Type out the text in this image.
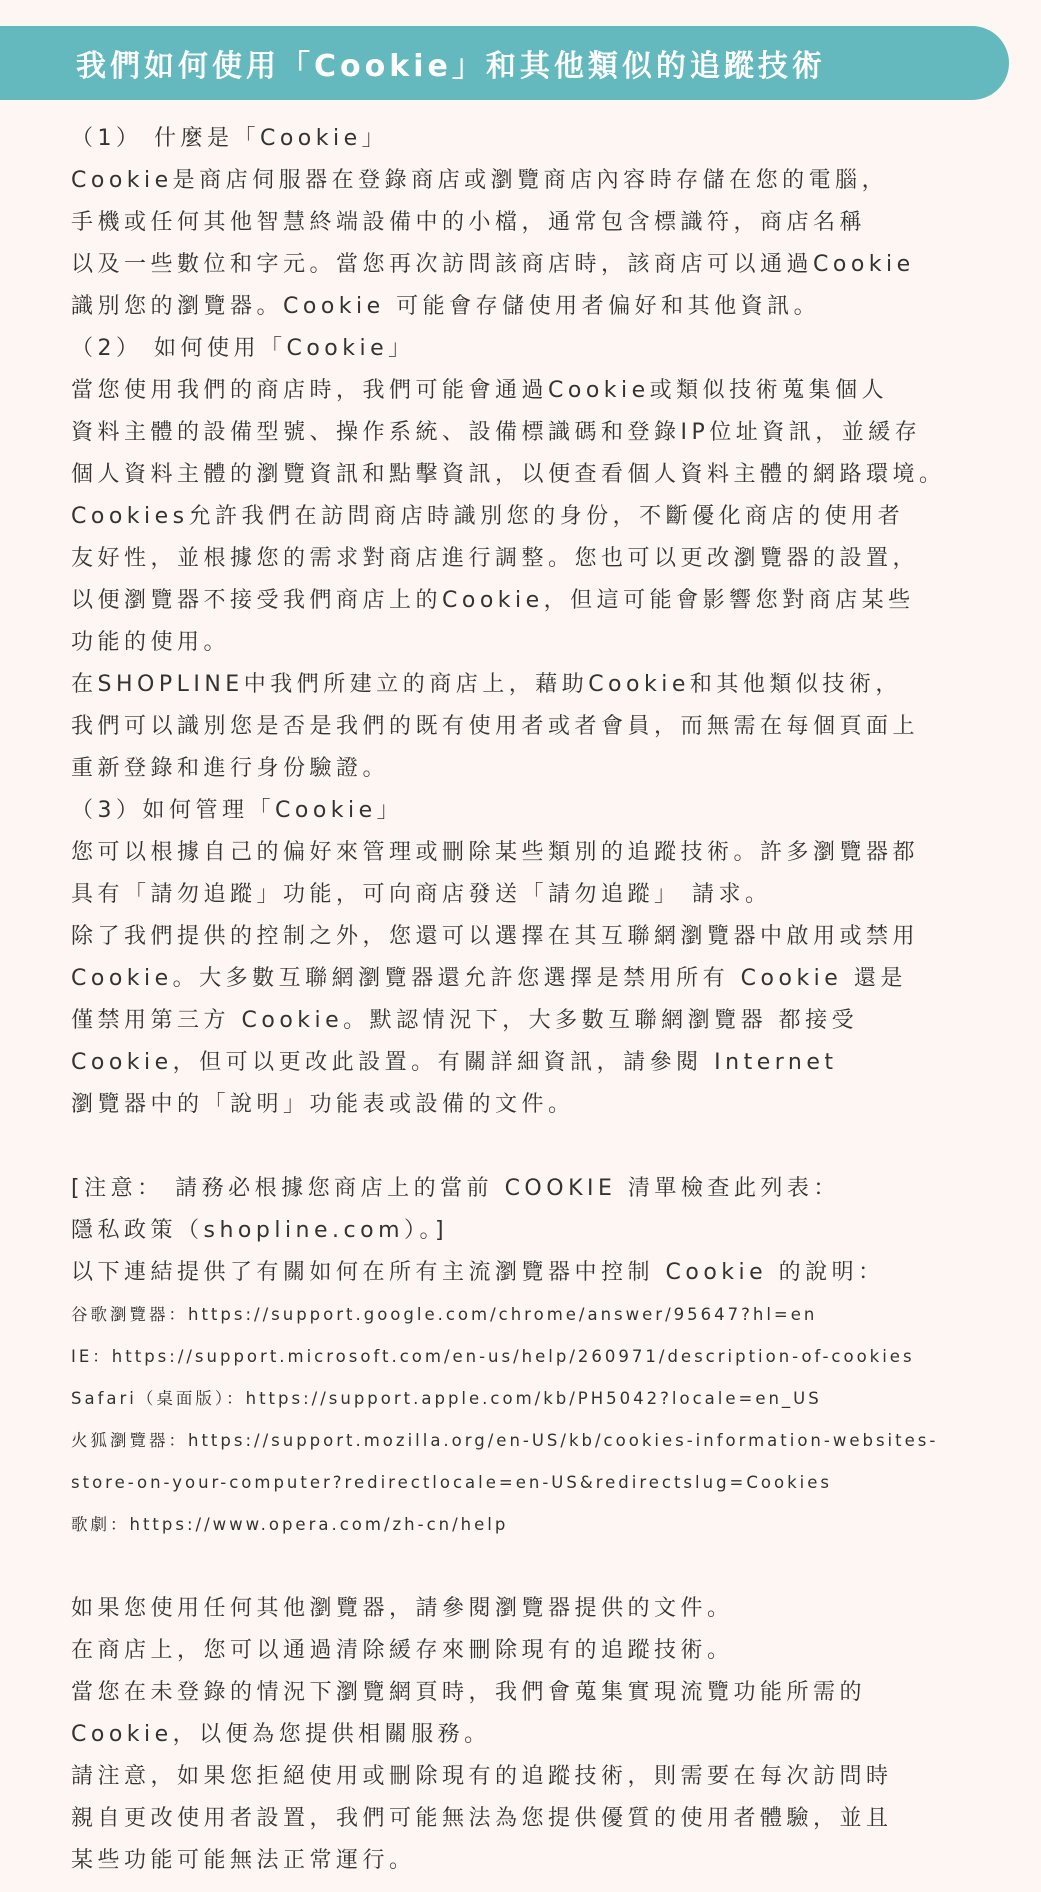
我們如何使用「Cookie」和其他類似的追蹤技術
（1） 什麼是「Cookie」
Cookie是商店伺服器在登錄商店或瀏覽商店內容時存儲在您的電腦，
手機或任何其他智慧終端設備中的小檔，通常包含標識符，商店名稱
以及一些數位和字元。當您再次訪問該商店時，該商店可以通過Cookie
識別您的瀏覽器。Cookie 可能會存儲使用者偏好和其他資訊。
（2） 如何使用「Cookie」
當您使用我們的商店時，我們可能會通過Cookie或類似技術蒐集個人
資料主體的設備型號、操作系統、設備標識碼和登錄IP位址資訊，並緩存
個人資料主體的瀏覽資訊和點擊資訊，以便查看個人資料主體的網路環境。
Cookies允許我們在訪問商店時識別您的身份，不斷優化商店的使用者
友好性，並根據您的需求對商店進行調整。您也可以更改瀏覽器的設置，
以便瀏覽器不接受我們商店上的Cookie，但這可能會影響您對商店某些
功能的使用。
在SHOPLINE中我們所建立的商店上，藉助Cookie和其他類似技術，
我們可以識別您是否是我們的既有使用者或者會員，而無需在每個頁面上
重新登錄和進行身份驗證。
（3）如何管理「Cookie」
您可以根據自己的偏好來管理或刪除某些類別的追蹤技術。許多瀏覽器都
具有「請勿追蹤」功能，可向商店發送「請勿追蹤」 請求。
除了我們提供的控制之外，您還可以選擇在其互聯網瀏覽器中啟用或禁用
Cookie。大多數互聯網瀏覽器還允許您選擇是禁用所有 Cookie 還是
僅禁用第三方 Cookie。默認情況下，大多數互聯網瀏覽器 都接受
Cookie，但可以更改此設置。有關詳細資訊，請參閱 Internet
瀏覽器中的「說明」功能表或設備的文件。
[注意： 請務必根據您商店上的當前 COOKIE 清單檢查此列表：
隱私政策（shopline.com）。]
以下連結提供了有關如何在所有主流瀏覽器中控制 Cookie 的說明：
谷歌瀏覽器：https://support.google.com/chrome/answer/95647?hl=en
IE：https://support.microsoft.com/en-us/help/260971/description-of-cookies
Safari（桌面版）：https://support.apple.com/kb/PH5042?locale=en_US
火狐瀏覽器：https://support.mozilla.org/en-US/kb/cookies-information-websites-
store-on-your-computer?redirectlocale=en-US&redirectslug=Cookies
歌劇：https://www.opera.com/zh-cn/help
如果您使用任何其他瀏覽器，請參閱瀏覽器提供的文件。
在商店上，您可以通過清除緩存來刪除現有的追蹤技術。
當您在未登錄的情況下瀏覽網頁時，我們會蒐集實現流覽功能所需的
Cookie，以便為您提供相關服務。
請注意，如果您拒絕使用或刪除現有的追蹤技術，則需要在每次訪問時
親自更改使用者設置，我們可能無法為您提供優質的使用者體驗，並且
某些功能可能無法正常運行。
